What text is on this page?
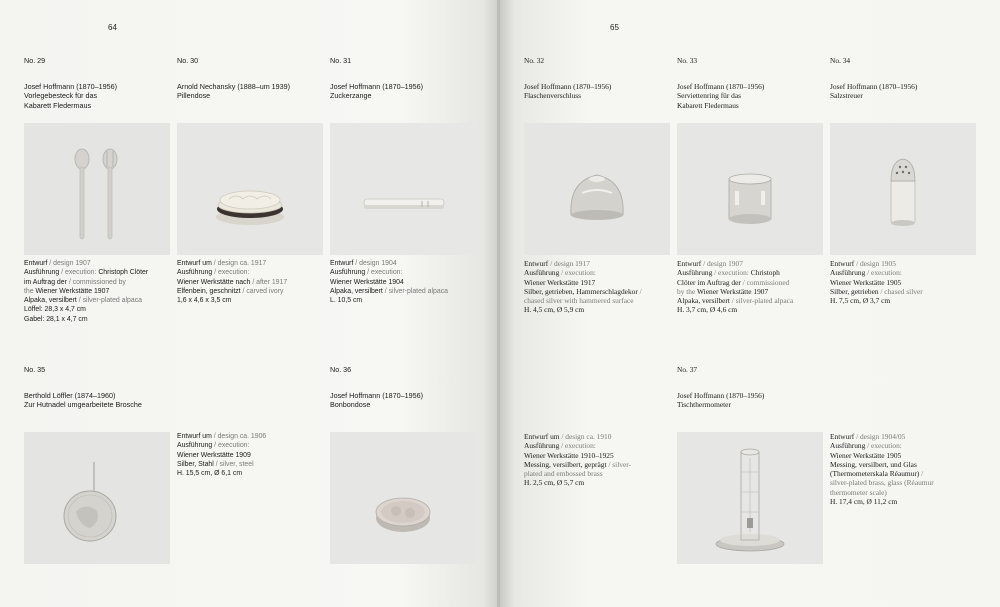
64
No. 29
Josef Hoffmann (1870–1956)
Vorlegebesteck für das
Kabarett Fledermaus
Entwurf / design 1907
Ausführung / execution: Christoph Clöter
im Auftrag der / commissioned by
the Wiener Werkstätte 1907
Alpaka, versilbert / silver-plated alpaca
Löffel: 28,3 x 4,7 cm
Gabel: 28,1 x 4,7 cm
No. 30
Arnold Nechansky (1888–um 1939)
Pillendose
Entwurf um / design ca. 1917
Ausführung / execution:
Wiener Werkstätte nach / after 1917
Elfenbein, geschnitzt / carved ivory
1,6 x 4,6 x 3,5 cm
No. 31
Josef Hoffmann (1870–1956)
Zuckerzange
Entwurf / design 1904
Ausführung / execution:
Wiener Werkstätte 1904
Alpaka, versilbert / silver-plated alpaca
L. 10,5 cm
No. 35
Berthold Löffler (1874–1960)
Zur Hutnadel umgearbeitete Brosche
Entwurf um / design ca. 1906
Ausführung / execution:
Wiener Werkstätte 1909
Silber, Stahl / silver, steel
H. 15,5 cm, Ø 6,1 cm
No. 36
Josef Hoffmann (1870–1956)
Bonbondose
65
No. 32
Josef Hoffmann (1870–1956)
Flaschenverschluss
Entwurf / design 1917
Ausführung / execution:
Wiener Werkstätte 1917
Silber, getrieben, Hammerschlagdekor /
chased silver with hammered surface
H. 4,5 cm, Ø 5,9 cm
No. 33
Josef Hoffmann (1870–1956)
Serviettenring für das
Kabarett Fledermaus
Entwurf / design 1907
Ausführung / execution: Christoph
Clöter im Auftrag der / commissioned
by the Wiener Werkstätte 1907
Alpaka, versilbert / silver-plated alpaca
H. 3,7 cm, Ø 4,6 cm
No. 34
Josef Hoffmann (1870–1956)
Salzstreuer
Entwurf / design 1905
Ausführung / execution:
Wiener Werkstätte 1905
Silber, getrieben / chased silver
H. 7,5 cm, Ø 3,7 cm
Entwurf um / design ca. 1910
Ausführung / execution:
Wiener Werkstätte 1910–1925
Messing, versilbert, geprägt / silver-
plated and embossed brass
H. 2,5 cm, Ø 5,7 cm
No. 37
Josef Hoffmann (1870–1956)
Tischthermometer
Entwurf / design 1904/05
Ausführung / execution:
Wiener Werkstätte 1905
Messing, versilbert, und Glas
(Thermometerskala Réaumur) /
silver-plated brass, glass (Réaumur
thermometer scale)
H. 17,4 cm, Ø 11,2 cm
